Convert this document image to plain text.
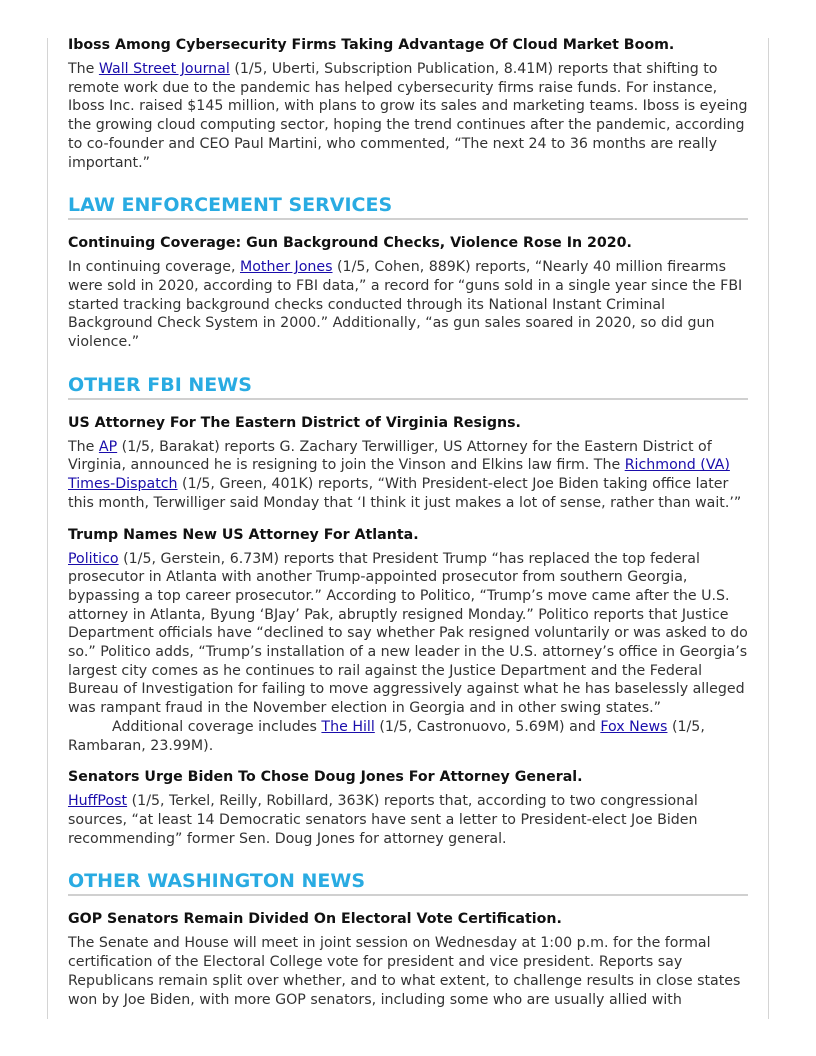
Iboss Among Cybersecurity Firms Taking Advantage Of Cloud Market Boom.

The Wall Street Journal (1/5, Uberti, Subscription Publication, 8.41M) reports that shifting to remote work due to the pandemic has helped cybersecurity firms raise funds. For instance, Iboss Inc. raised $145 million, with plans to grow its sales and marketing teams. Iboss is eyeing the growing cloud computing sector, hoping the trend continues after the pandemic, according to co-founder and CEO Paul Martini, who commented, “The next 24 to 36 months are really important.”

LAW ENFORCEMENT SERVICES
Continuing Coverage: Gun Background Checks, Violence Rose In 2020.

In continuing coverage, Mother Jones (1/5, Cohen, 889K) reports, “Nearly 40 million firearms were sold in 2020, according to FBI data,” a record for “guns sold in a single year since the FBI started tracking background checks conducted through its National Instant Criminal Background Check System in 2000.” Additionally, “as gun sales soared in 2020, so did gun violence.”

OTHER FBI NEWS
US Attorney For The Eastern District of Virginia Resigns.

The AP (1/5, Barakat) reports G. Zachary Terwilliger, US Attorney for the Eastern District of Virginia, announced he is resigning to join the Vinson and Elkins law firm. The Richmond (VA) Times-Dispatch (1/5, Green, 401K) reports, “With President-elect Joe Biden taking office later this month, Terwilliger said Monday that ‘I think it just makes a lot of sense, rather than wait.’”

Trump Names New US Attorney For Atlanta.

Politico (1/5, Gerstein, 6.73M) reports that President Trump “has replaced the top federal prosecutor in Atlanta with another Trump-appointed prosecutor from southern Georgia, bypassing a top career prosecutor.” According to Politico, “Trump’s move came after the U.S. attorney in Atlanta, Byung ‘BJay’ Pak, abruptly resigned Monday.” Politico reports that Justice Department officials have “declined to say whether Pak resigned voluntarily or was asked to do so.” Politico adds, “Trump’s installation of a new leader in the U.S. attorney’s office in Georgia’s largest city comes as he continues to rail against the Justice Department and the Federal Bureau of Investigation for failing to move aggressively against what he has baselessly alleged was rampant fraud in the November election in Georgia and in other swing states.”

Additional coverage includes The Hill (1/5, Castronuovo, 5.69M) and Fox News (1/5, Rambaran, 23.99M).

Senators Urge Biden To Chose Doug Jones For Attorney General.

HuffPost (1/5, Terkel, Reilly, Robillard, 363K) reports that, according to two congressional sources, “at least 14 Democratic senators have sent a letter to President-elect Joe Biden recommending” former Sen. Doug Jones for attorney general.

OTHER WASHINGTON NEWS
GOP Senators Remain Divided On Electoral Vote Certification.

The Senate and House will meet in joint session on Wednesday at 1:00 p.m. for the formal certification of the Electoral College vote for president and vice president. Reports say Republicans remain split over whether, and to what extent, to challenge results in close states won by Joe Biden, with more GOP senators, including some who are usually allied with
